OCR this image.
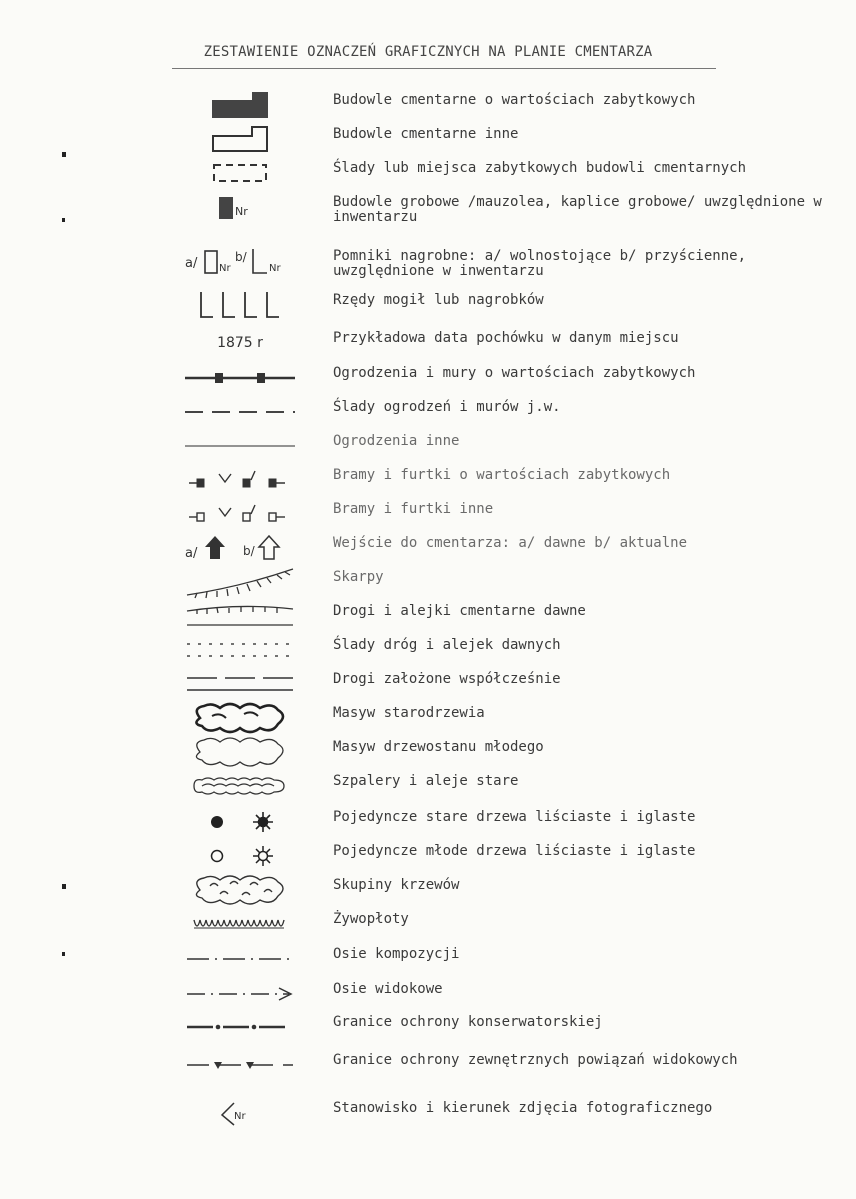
ZESTAWIENIE OZNACZEŃ GRAFICZNYCH NA PLANIE CMENTARZA
Budowle cmentarne o wartościach zabytkowych
Budowle cmentarne inne
Ślady lub miejsca zabytkowych budowli cmentarnych
Nr
Budowle grobowe /mauzolea, kaplice grobowe/ uwzględnione w inwentarzu
a/ Nr
b/
Nr
Pomniki nagrobne: a/ wolnostojące b/ przyścienne, uwzględnione w inwentarzu
Rzędy mogił lub nagrobków
1875 r	Przykładowa data pochówku w danym miejscu
Ogrodzenia i mury o wartościach zabytkowych
Ślady ogrodzeń i murów j.w.
Ogrodzenia inne
Bramy i furtki o wartościach zabytkowych
Bramy i furtki inne
a/	b/	Wejście do cmentarza: a/ dawne b/ aktualne
Skarpy
Drogi i alejki cmentarne dawne
Ślady dróg i alejek dawnych
Drogi założone współcześnie
Masyw starodrzewia
Masyw drzewostanu młodego
Szpalery i aleje stare
Pojedyncze stare drzewa liściaste i iglaste
Pojedyncze młode drzewa liściaste i iglaste
Skupiny krzewów
Żywopłoty
Osie kompozycji
Osie widokowe
Granice ochrony konserwatorskiej
Granice ochrony zewnętrznych powiązań widokowych
Nr
Stanowisko i kierunek zdjęcia fotograficznego
